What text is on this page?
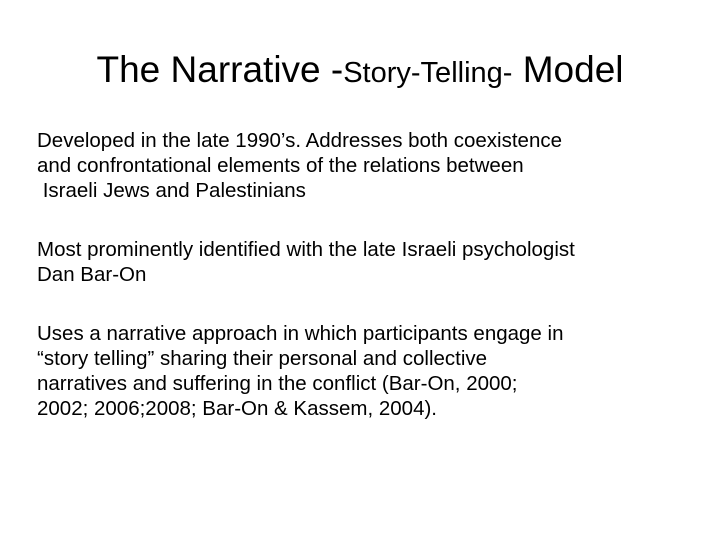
The Narrative -Story-Telling- Model
Developed in the late 1990’s. Addresses both coexistence
and confrontational elements of the relations between
Israeli Jews and Palestinians
Most prominently identified with the late Israeli psychologist
Dan Bar-On
Uses a narrative approach in which participants engage in
“story telling” sharing their personal and collective
narratives and suffering in the conflict (Bar-On, 2000;
2002; 2006;2008; Bar-On & Kassem, 2004).
